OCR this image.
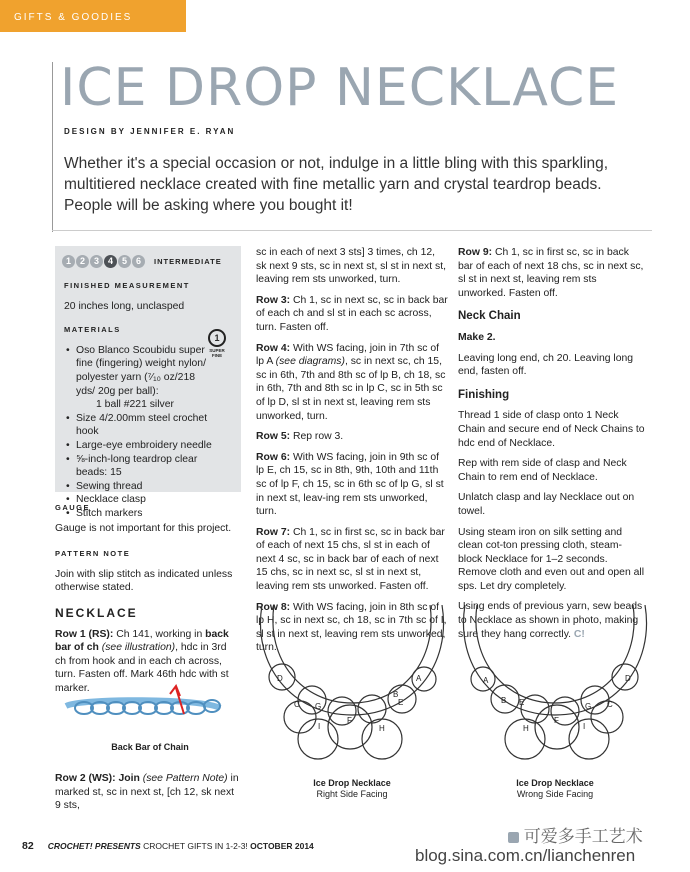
GIFTS & GOODIES
ICE DROP NECKLACE
DESIGN BY JENNIFER E. RYAN
Whether it's a special occasion or not, indulge in a little bling with this sparkling, multitiered necklace created with fine metallic yarn and crystal teardrop beads. People will be asking where you bought it!
1 2 3 4 5 6	INTERMEDIATE

FINISHED MEASUREMENT

20 inches long, unclasped

MATERIALS

• Oso Blanco Scoubidu super fine (fingering) weight nylon/ polyester yarn (⁷⁄₁₀ oz/218 yds/ 20g per ball):
1 ball #221 silver
• Size 4/2.00mm steel crochet hook
• Large-eye embroidery needle
• ⅝-inch-long teardrop clear beads: 15
• Sewing thread
• Necklace clasp
• Stitch markers
1
SUPER FINE

GAUGE

Gauge is not important for this project.

PATTERN NOTE

Join with slip stitch as indicated unless otherwise stated.

NECKLACE

Row 1 (RS): Ch 141, working in back bar of ch (see illustration), hdc in 3rd ch from hook and in each ch across, turn. Fasten off. Mark 46th hdc with st marker.

Back Bar of Chain

Row 2 (WS): Join (see Pattern Note) in marked st, sc in next st, [ch 12, sk next 9 sts,

sc in each of next 3 sts] 3 times, ch 12, sk next 9 sts, sc in next st, sl st in next st, leaving rem sts unworked, turn.

Row 3: Ch 1, sc in next sc, sc in back bar of each ch and sl st in each sc across, turn. Fasten off.

Row 4: With WS facing, join in 7th sc of lp A (see diagrams), sc in next sc, ch 15, sc in 6th, 7th and 8th sc of lp B, ch 18, sc in 6th, 7th and 8th sc in lp C, sc in 5th sc of lp D, sl st in next st, leaving rem sts unworked, turn.

Row 5: Rep row 3.

Row 6: With WS facing, join in 9th sc of lp E, ch 15, sc in 8th, 9th, 10th and 11th sc of lp F, ch 15, sc in 6th sc of lp G, sl st in next st, leav-ing rem sts unworked, turn.

Row 7: Ch 1, sc in first sc, sc in back bar of each of next 15 chs, sl st in each of next 4 sc, sc in back bar of each of next 15 chs, sc in next sc, sl st in next st, leaving rem sts unworked. Fasten off.

Row 8: With WS facing, join in 8th sc of lp H, sc in next sc, ch 18, sc in 7th sc of I, sl st in next st, leaving rem sts unworked, turn.

Row 9: Ch 1, sc in first sc, sc in back bar of each of next 18 chs, sc in next sc, sl st in next st, leaving rem sts unworked. Fasten off.

Neck Chain

Make 2.

Leaving long end, ch 20. Leaving long end, fasten off.

Finishing

Thread 1 side of clasp onto 1 Neck Chain and secure end of Neck Chains to hdc end of Necklace.

Rep with rem side of clasp and Neck Chain to rem end of Necklace.

Unlatch clasp and lay Necklace out on towel.

Using steam iron on silk setting and clean cot-ton pressing cloth, steam-block Necklace for 1–2 seconds. Remove cloth and even out and open all sps. Let dry completely.

Using ends of previous yarn, sew beads to Necklace as shown in photo, making sure they hang correctly. C!

A
B
C
D
E
F
G
H
I
Ice Drop Necklace
Right Side Facing
A
B	C
D
E
F
G
H	I
Ice Drop Necklace
Wrong Side Facing
82 CROCHET! PRESENTS CROCHET GIFTS IN 1-2-3! OCTOBER 2014	可爱多手工艺术
blog.sina.com.cn/lianchenren
